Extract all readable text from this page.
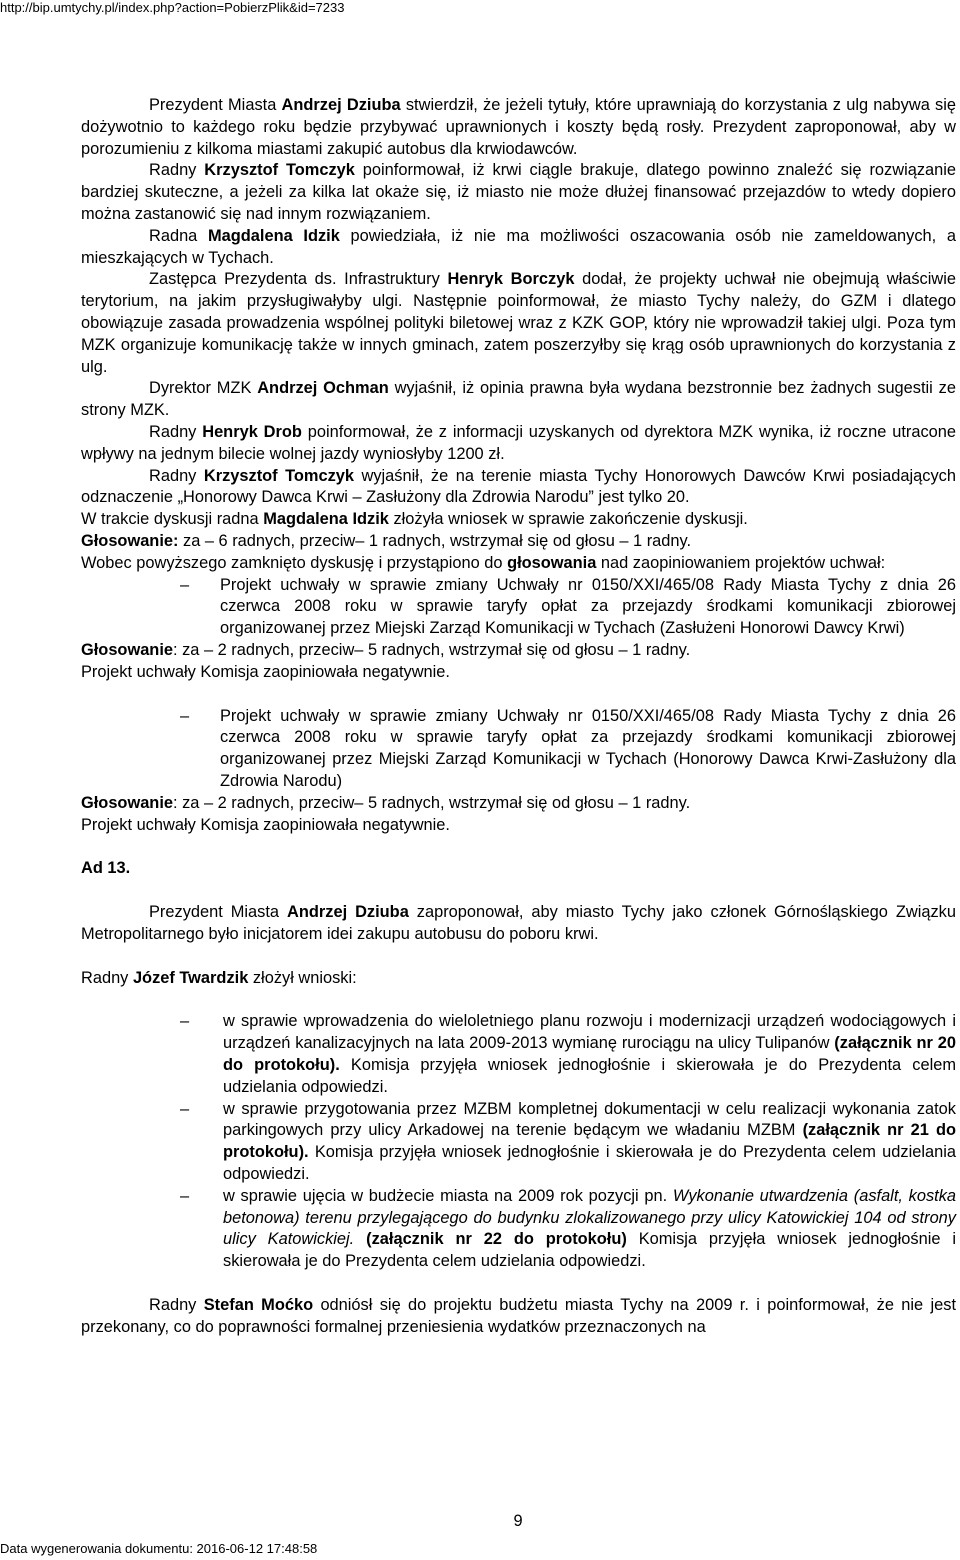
http://bip.umtychy.pl/index.php?action=PobierzPlik&id=7233

Prezydent Miasta Andrzej Dziuba stwierdził, że jeżeli tytuły, które uprawniają do korzystania z ulg nabywa się dożywotnio to każdego roku będzie przybywać uprawnionych i koszty będą rosły. Prezydent zaproponował, aby w porozumieniu z kilkoma miastami zakupić autobus dla krwiodawców.

Radny Krzysztof Tomczyk poinformował, iż krwi ciągle brakuje, dlatego powinno znaleźć się rozwiązanie bardziej skuteczne, a jeżeli za kilka lat okaże się, iż miasto nie może dłużej finansować przejazdów to wtedy dopiero można zastanowić się nad innym rozwiązaniem.

Radna Magdalena Idzik powiedziała, iż nie ma możliwości oszacowania osób nie zameldowanych, a mieszkających w Tychach.

Zastępca Prezydenta ds. Infrastruktury Henryk Borczyk dodał, że projekty uchwał nie obejmują właściwie terytorium, na jakim przysługiwałyby ulgi. Następnie poinformował, że miasto Tychy należy, do GZM i dlatego obowiązuje zasada prowadzenia wspólnej polityki biletowej wraz z KZK GOP, który nie wprowadził takiej ulgi. Poza tym MZK organizuje komunikację także w innych gminach, zatem poszerzyłby się krąg osób uprawnionych do korzystania z ulg.

Dyrektor MZK Andrzej Ochman wyjaśnił, iż opinia prawna była wydana bezstronnie bez żadnych sugestii ze strony MZK.

Radny Henryk Drob poinformował, że z informacji uzyskanych od dyrektora MZK wynika, iż roczne utracone wpływy na jednym bilecie wolnej jazdy wyniosłyby 1200 zł.

Radny Krzysztof Tomczyk wyjaśnił, że na terenie miasta Tychy Honorowych Dawców Krwi posiadających odznaczenie „Honorowy Dawca Krwi – Zasłużony dla Zdrowia Narodu” jest tylko 20.

W trakcie dyskusji radna Magdalena Idzik złożyła wniosek w sprawie zakończenie dyskusji.

Głosowanie: za – 6 radnych, przeciw– 1 radnych, wstrzymał się od głosu – 1 radny.

Wobec powyższego zamknięto dyskusję i przystąpiono do głosowania nad zaopiniowaniem projektów uchwał:

– Projekt uchwały w sprawie zmiany Uchwały nr 0150/XXI/465/08 Rady Miasta Tychy z dnia 26 czerwca 2008 roku w sprawie taryfy opłat za przejazdy środkami komunikacji zbiorowej organizowanej przez Miejski Zarząd Komunikacji w Tychach (Zasłużeni Honorowi Dawcy Krwi)

Głosowanie: za – 2 radnych, przeciw– 5 radnych, wstrzymał się od głosu – 1 radny.

Projekt uchwały Komisja zaopiniowała negatywnie.

– Projekt uchwały w sprawie zmiany Uchwały nr 0150/XXI/465/08 Rady Miasta Tychy z dnia 26 czerwca 2008 roku w sprawie taryfy opłat za przejazdy środkami komunikacji zbiorowej organizowanej przez Miejski Zarząd Komunikacji w Tychach (Honorowy Dawca Krwi-Zasłużony dla Zdrowia Narodu)

Głosowanie: za – 2 radnych, przeciw– 5 radnych, wstrzymał się od głosu – 1 radny.

Projekt uchwały Komisja zaopiniowała negatywnie.

Ad 13.

Prezydent Miasta Andrzej Dziuba zaproponował, aby miasto Tychy jako członek Górnośląskiego Związku Metropolitarnego było inicjatorem idei zakupu autobusu do poboru krwi.

Radny Józef Twardzik złożył wnioski:

– w sprawie wprowadzenia do wieloletniego planu rozwoju i modernizacji urządzeń wodociągowych i urządzeń kanalizacyjnych na lata 2009-2013 wymianę rurociągu na ulicy Tulipanów (załącznik nr 20 do protokołu). Komisja przyjęła wniosek jednogłośnie i skierowała je do Prezydenta celem udzielania odpowiedzi.

– w sprawie przygotowania przez MZBM kompletnej dokumentacji w celu realizacji wykonania zatok parkingowych przy ulicy Arkadowej na terenie będącym we władaniu MZBM (załącznik nr 21 do protokołu). Komisja przyjęła wniosek jednogłośnie i skierowała je do Prezydenta celem udzielania odpowiedzi.

– w sprawie ujęcia w budżecie miasta na 2009 rok pozycji pn. Wykonanie utwardzenia (asfalt, kostka betonowa) terenu przylegającego do budynku zlokalizowanego przy ulicy Katowickiej 104 od strony ulicy Katowickiej. (załącznik nr 22 do protokołu) Komisja przyjęła wniosek jednogłośnie i skierowała je do Prezydenta celem udzielania odpowiedzi.

Radny Stefan Moćko odniósł się do projektu budżetu miasta Tychy na 2009 r. i poinformował, że nie jest przekonany, co do poprawności formalnej przeniesienia wydatków przeznaczonych na

9
Data wygenerowania dokumentu: 2016-06-12 17:48:58
